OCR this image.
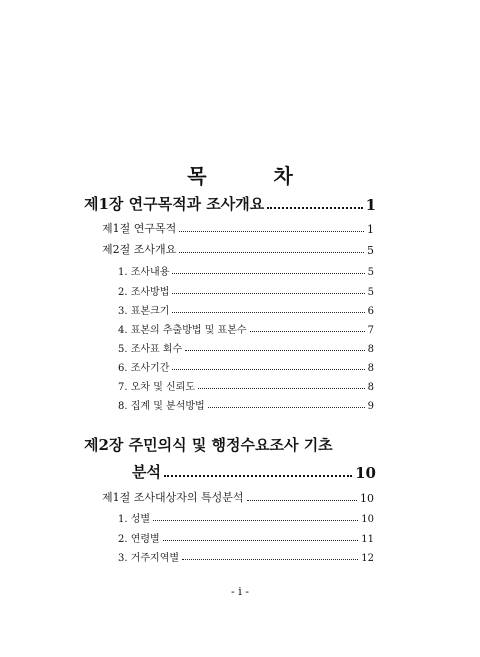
목 차
제1장 연구목적과 조사개요	1
제1절 연구목적	1
제2절 조사개요	5
1. 조사내용	5
2. 조사방법	5
3. 표본크기	6
4. 표본의 추출방법 및 표본수	7
5. 조사표 회수	8
6. 조사기간	8
7. 오차 및 신뢰도	8
8. 집계 및 분석방법	9
제2장 주민의식 및 행정수요조사 기초
분석	10
제1절 조사대상자의 특성분석	10
1. 성별	10
2. 연령별	11
3. 거주지역별	12
- i -
